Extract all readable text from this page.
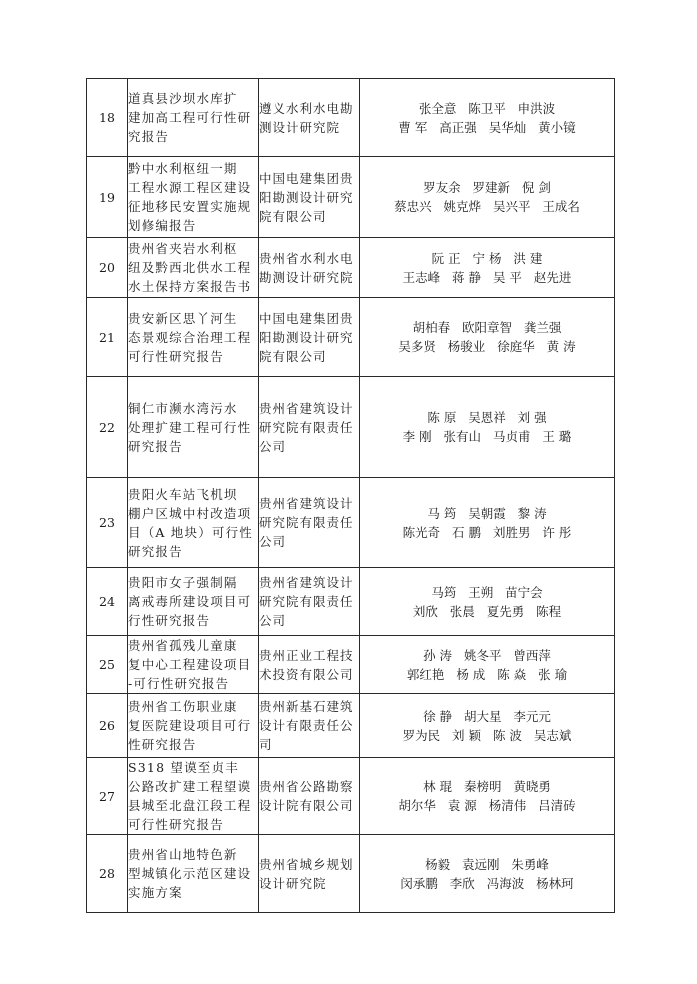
18	道真县沙坝水库扩
建加高工程可行性研
究报告	遵义水利水电勘
测设计研究院	张全意   陈卫平   申洪波
曹 军   高正强   吴华灿   黄小镜

19	黔中水利枢纽一期
工程水源工程区建设
征地移民安置实施规
划修编报告	中国电建集团贵
阳勘测设计研究
院有限公司	罗友余   罗建新   倪 剑
蔡忠兴   姚克烨   吴兴平   王成名

20	贵州省夹岩水利枢
纽及黔西北供水工程
水土保持方案报告书	贵州省水利水电
勘测设计研究院	阮 正   宁 杨   洪 建
王志峰   蒋 静   吴 平   赵先进

21	贵安新区思丫河生
态景观综合治理工程
可行性研究报告	中国电建集团贵
阳勘测设计研究
院有限公司	胡柏春   欧阳章智   龚兰强
吴多贤   杨骏业   徐庭华   黄 涛

22	铜仁市濒水湾污水
处理扩建工程可行性
研究报告	贵州省建筑设计
研究院有限责任
公司	陈 原   吴恩祥   刘 强
李 刚   张有山   马贞甫   王 璐

23	贵阳火车站飞机坝
棚户区城中村改造项
目（A 地块）可行性
研究报告	贵州省建筑设计
研究院有限责任
公司	马 筠   吴朝霞   黎 涛
陈光奇   石 鹏   刘胜男   许 彤

24	贵阳市女子强制隔
离戒毒所建设项目可
行性研究报告	贵州省建筑设计
研究院有限责任
公司	马筠   王朔   苗宁会
刘欣   张晨   夏先勇   陈程

25	贵州省孤残儿童康
复中心工程建设项目
-可行性研究报告	贵州正业工程技
术投资有限公司	孙 涛   姚冬平   曾西萍
郭红艳   杨 成   陈 焱   张 瑜

26	贵州省工伤职业康
复医院建设项目可行
性研究报告	贵州新基石建筑
设计有限责任公
司	徐 静   胡大星   李元元
罗为民   刘 颖   陈 波   吴志斌

27	S318 望谟至贞丰
公路改扩建工程望谟
县城至北盘江段工程
可行性研究报告	贵州省公路勘察
设计院有限公司	林 琨   秦榜明   黄晓勇
胡尔华   袁 源   杨清伟   吕清砖

28	贵州省山地特色新
型城镇化示范区建设
实施方案	贵州省城乡规划
设计研究院	杨毅   袁远刚   朱勇峰
闵承鹏   李欣   冯海波   杨林珂
